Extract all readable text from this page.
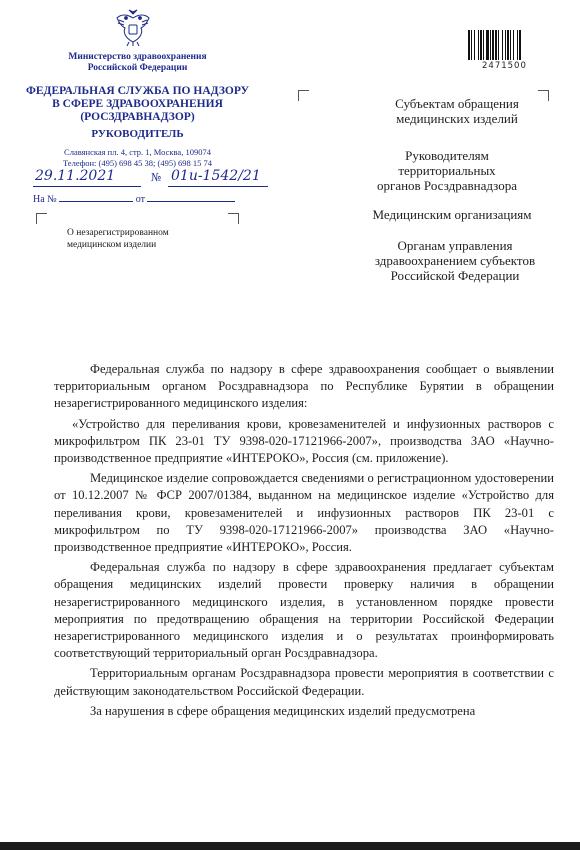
Министерство здравоохранения
Российской Федерации
ФЕДЕРАЛЬНАЯ СЛУЖБА ПО НАДЗОРУ
В СФЕРЕ ЗДРАВООХРАНЕНИЯ
(РОСЗДРАВНАДЗОР)
РУКОВОДИТЕЛЬ
Славянская пл. 4, стр. 1, Москва, 109074
Телефон: (495) 698 45 38; (495) 698 15 74
29.11.2021	№ 01и-1542/21
На №	от
О незарегистрированном
медицинском изделии
2471500
Субъектам обращения
медицинских изделий
Руководителям
территориальных
органов Росздравнадзора
Медицинским организациям
Органам управления
здравоохранением субъектов
Российской Федерации

Федеральная служба по надзору в сфере здравоохранения сообщает о выявлении территориальным органом Росздравнадзора по Республике Бурятии в обращении незарегистрированного медицинского изделия:

«Устройство для переливания крови, кровезаменителей и инфузионных растворов с микрофильтром ПК 23-01 ТУ 9398-020-17121966-2007», производства ЗАО «Научно-производственное предприятие «ИНТЕРОКО», Россия (см. приложение).

Медицинское изделие сопровождается сведениями о регистрационном удостоверении от 10.12.2007 № ФСР 2007/01384, выданном на медицинское изделие «Устройство для переливания крови, кровезаменителей и инфузионных растворов ПК 23-01 с микрофильтром по ТУ 9398-020-17121966-2007» производства ЗАО «Научно-производственное предприятие «ИНТЕРОКО», Россия.

Федеральная служба по надзору в сфере здравоохранения предлагает субъектам обращения медицинских изделий провести проверку наличия в обращении незарегистрированного медицинского изделия, в установленном порядке провести мероприятия по предотвращению обращения на территории Российской Федерации незарегистрированного медицинского изделия и о результатах проинформировать соответствующий территориальный орган Росздравнадзора.

Территориальным органам Росздравнадзора провести мероприятия в соответствии с действующим законодательством Российской Федерации.

За нарушения в сфере обращения медицинских изделий предусмотрена
